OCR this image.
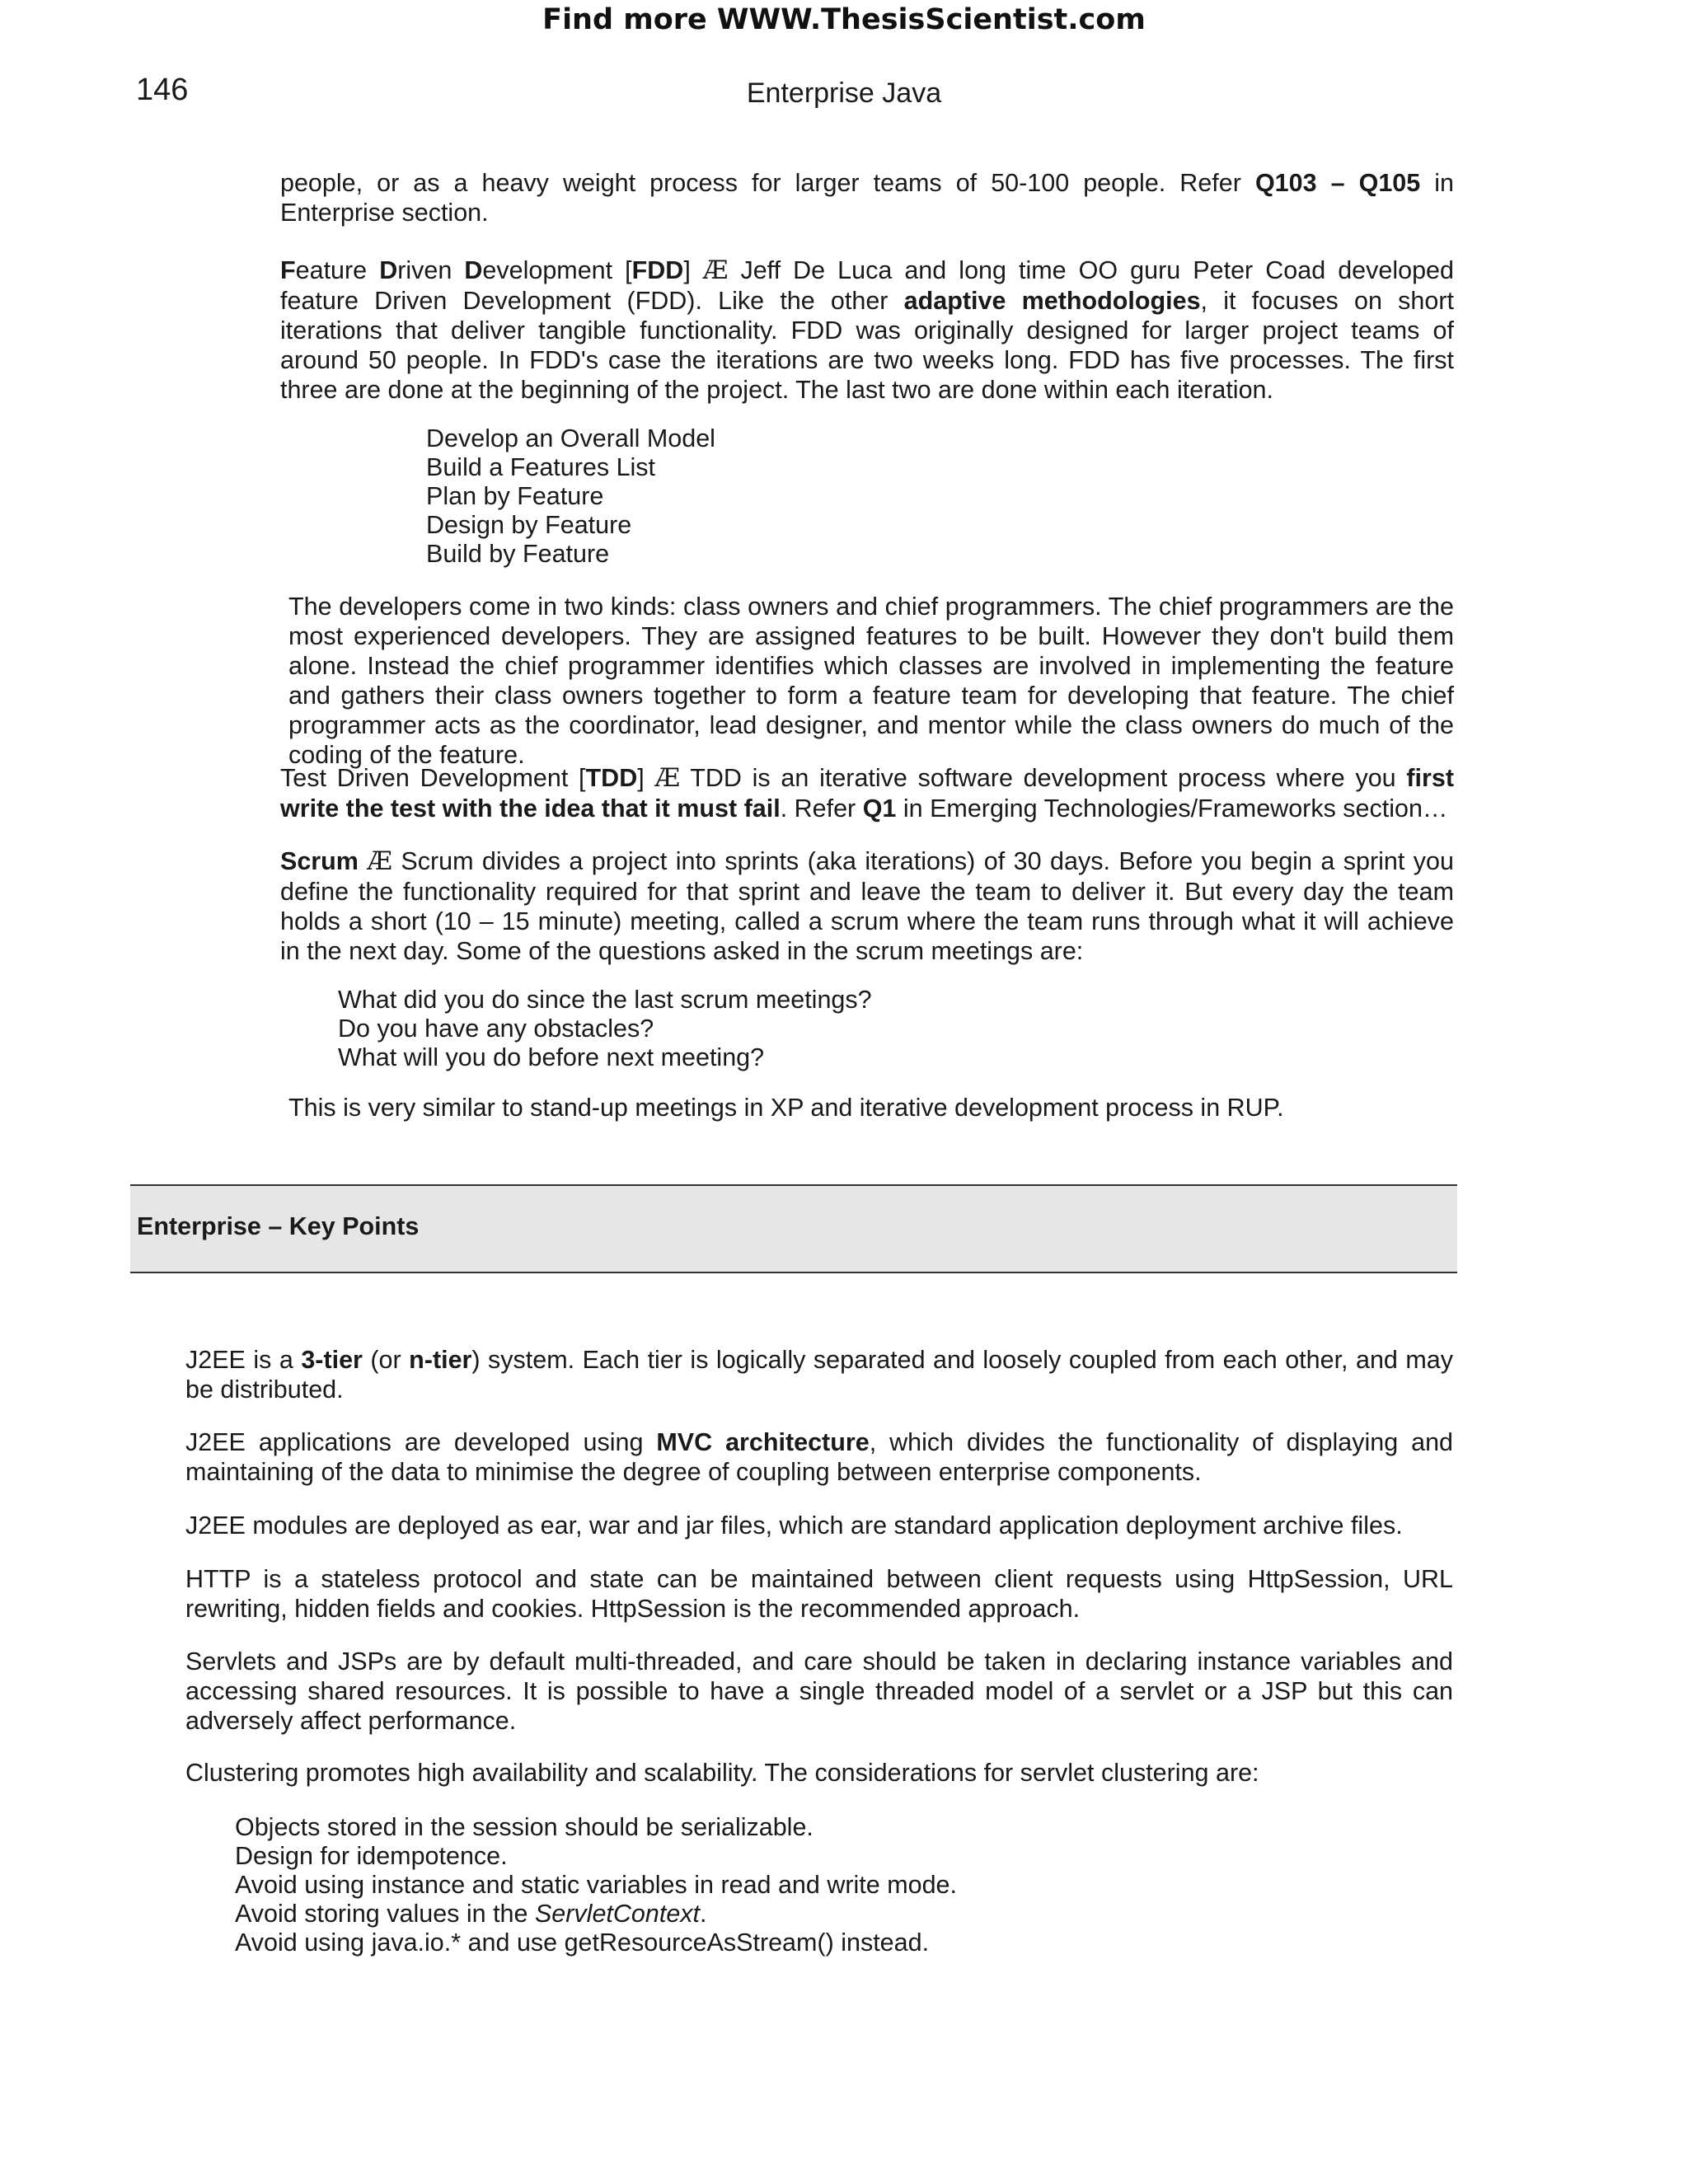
Find more WWW.ThesisScientist.com
146	Enterprise Java

people, or as a heavy weight process for larger teams of 50-100 people. Refer Q103 – Q105 in Enterprise section.

Feature Driven Development [FDD] Æ Jeff De Luca and long time OO guru Peter Coad developed feature Driven Development (FDD). Like the other adaptive methodologies, it focuses on short iterations that deliver tangible functionality. FDD was originally designed for larger project teams of around 50 people. In FDD's case the iterations are two weeks long. FDD has five processes. The first three are done at the beginning of the project. The last two are done within each iteration.

Develop an Overall Model
Build a Features List
Plan by Feature
Design by Feature
Build by Feature

The developers come in two kinds: class owners and chief programmers. The chief programmers are the most experienced developers. They are assigned features to be built. However they don't build them alone. Instead the chief programmer identifies which classes are involved in implementing the feature and gathers their class owners together to form a feature team for developing that feature. The chief programmer acts as the coordinator, lead designer, and mentor while the class owners do much of the coding of the feature.

Test Driven Development [TDD] Æ TDD is an iterative software development process where you first write the test with the idea that it must fail. Refer Q1 in Emerging Technologies/Frameworks section…

Scrum Æ Scrum divides a project into sprints (aka iterations) of 30 days. Before you begin a sprint you define the functionality required for that sprint and leave the team to deliver it. But every day the team holds a short (10 – 15 minute) meeting, called a scrum where the team runs through what it will achieve in the next day. Some of the questions asked in the scrum meetings are:

What did you do since the last scrum meetings?
Do you have any obstacles?
What will you do before next meeting?

This is very similar to stand-up meetings in XP and iterative development process in RUP.

Enterprise – Key Points

J2EE is a 3-tier (or n-tier) system. Each tier is logically separated and loosely coupled from each other, and may be distributed.

J2EE applications are developed using MVC architecture, which divides the functionality of displaying and maintaining of the data to minimise the degree of coupling between enterprise components.

J2EE modules are deployed as ear, war and jar files, which are standard application deployment archive files.

HTTP is a stateless protocol and state can be maintained between client requests using HttpSession, URL rewriting, hidden fields and cookies. HttpSession is the recommended approach.

Servlets and JSPs are by default multi-threaded, and care should be taken in declaring instance variables and accessing shared resources. It is possible to have a single threaded model of a servlet or a JSP but this can adversely affect performance.

Clustering promotes high availability and scalability. The considerations for servlet clustering are:

Objects stored in the session should be serializable.
Design for idempotence.
Avoid using instance and static variables in read and write mode.
Avoid storing values in the ServletContext.
Avoid using java.io.* and use getResourceAsStream() instead.
